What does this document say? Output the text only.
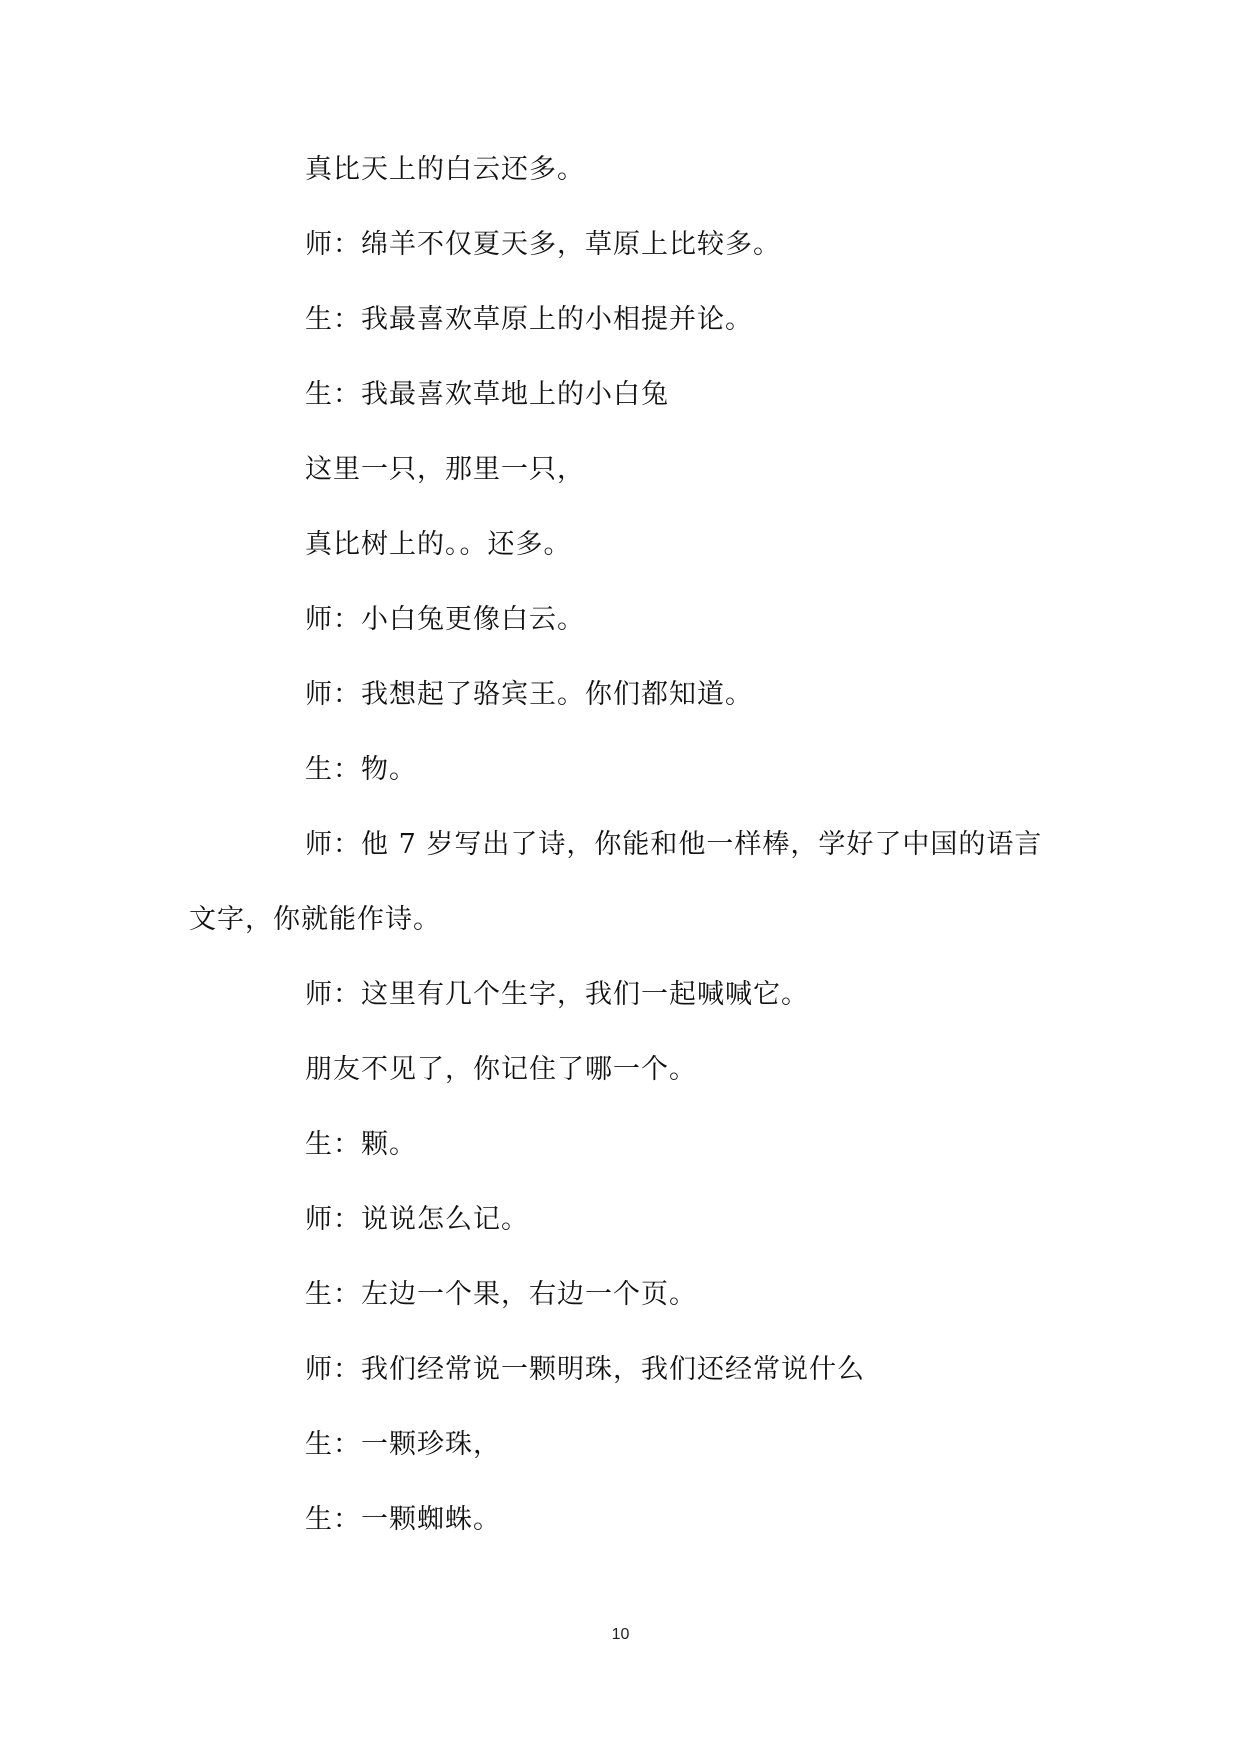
真比天上的白云还多。
师：绵羊不仅夏天多，草原上比较多。
生：我最喜欢草原上的小相提并论。
生：我最喜欢草地上的小白兔
这里一只，那里一只，
真比树上的。。还多。
师：小白兔更像白云。
师：我想起了骆宾王。你们都知道。
生：物。
师：他 7 岁写出了诗，你能和他一样棒，学好了中国的语言
文字，你就能作诗。
师：这里有几个生字，我们一起喊喊它。
朋友不见了，你记住了哪一个。
生：颗。
师：说说怎么记。
生：左边一个果，右边一个页。
师：我们经常说一颗明珠，我们还经常说什么
生：一颗珍珠，
生：一颗蜘蛛。
10
